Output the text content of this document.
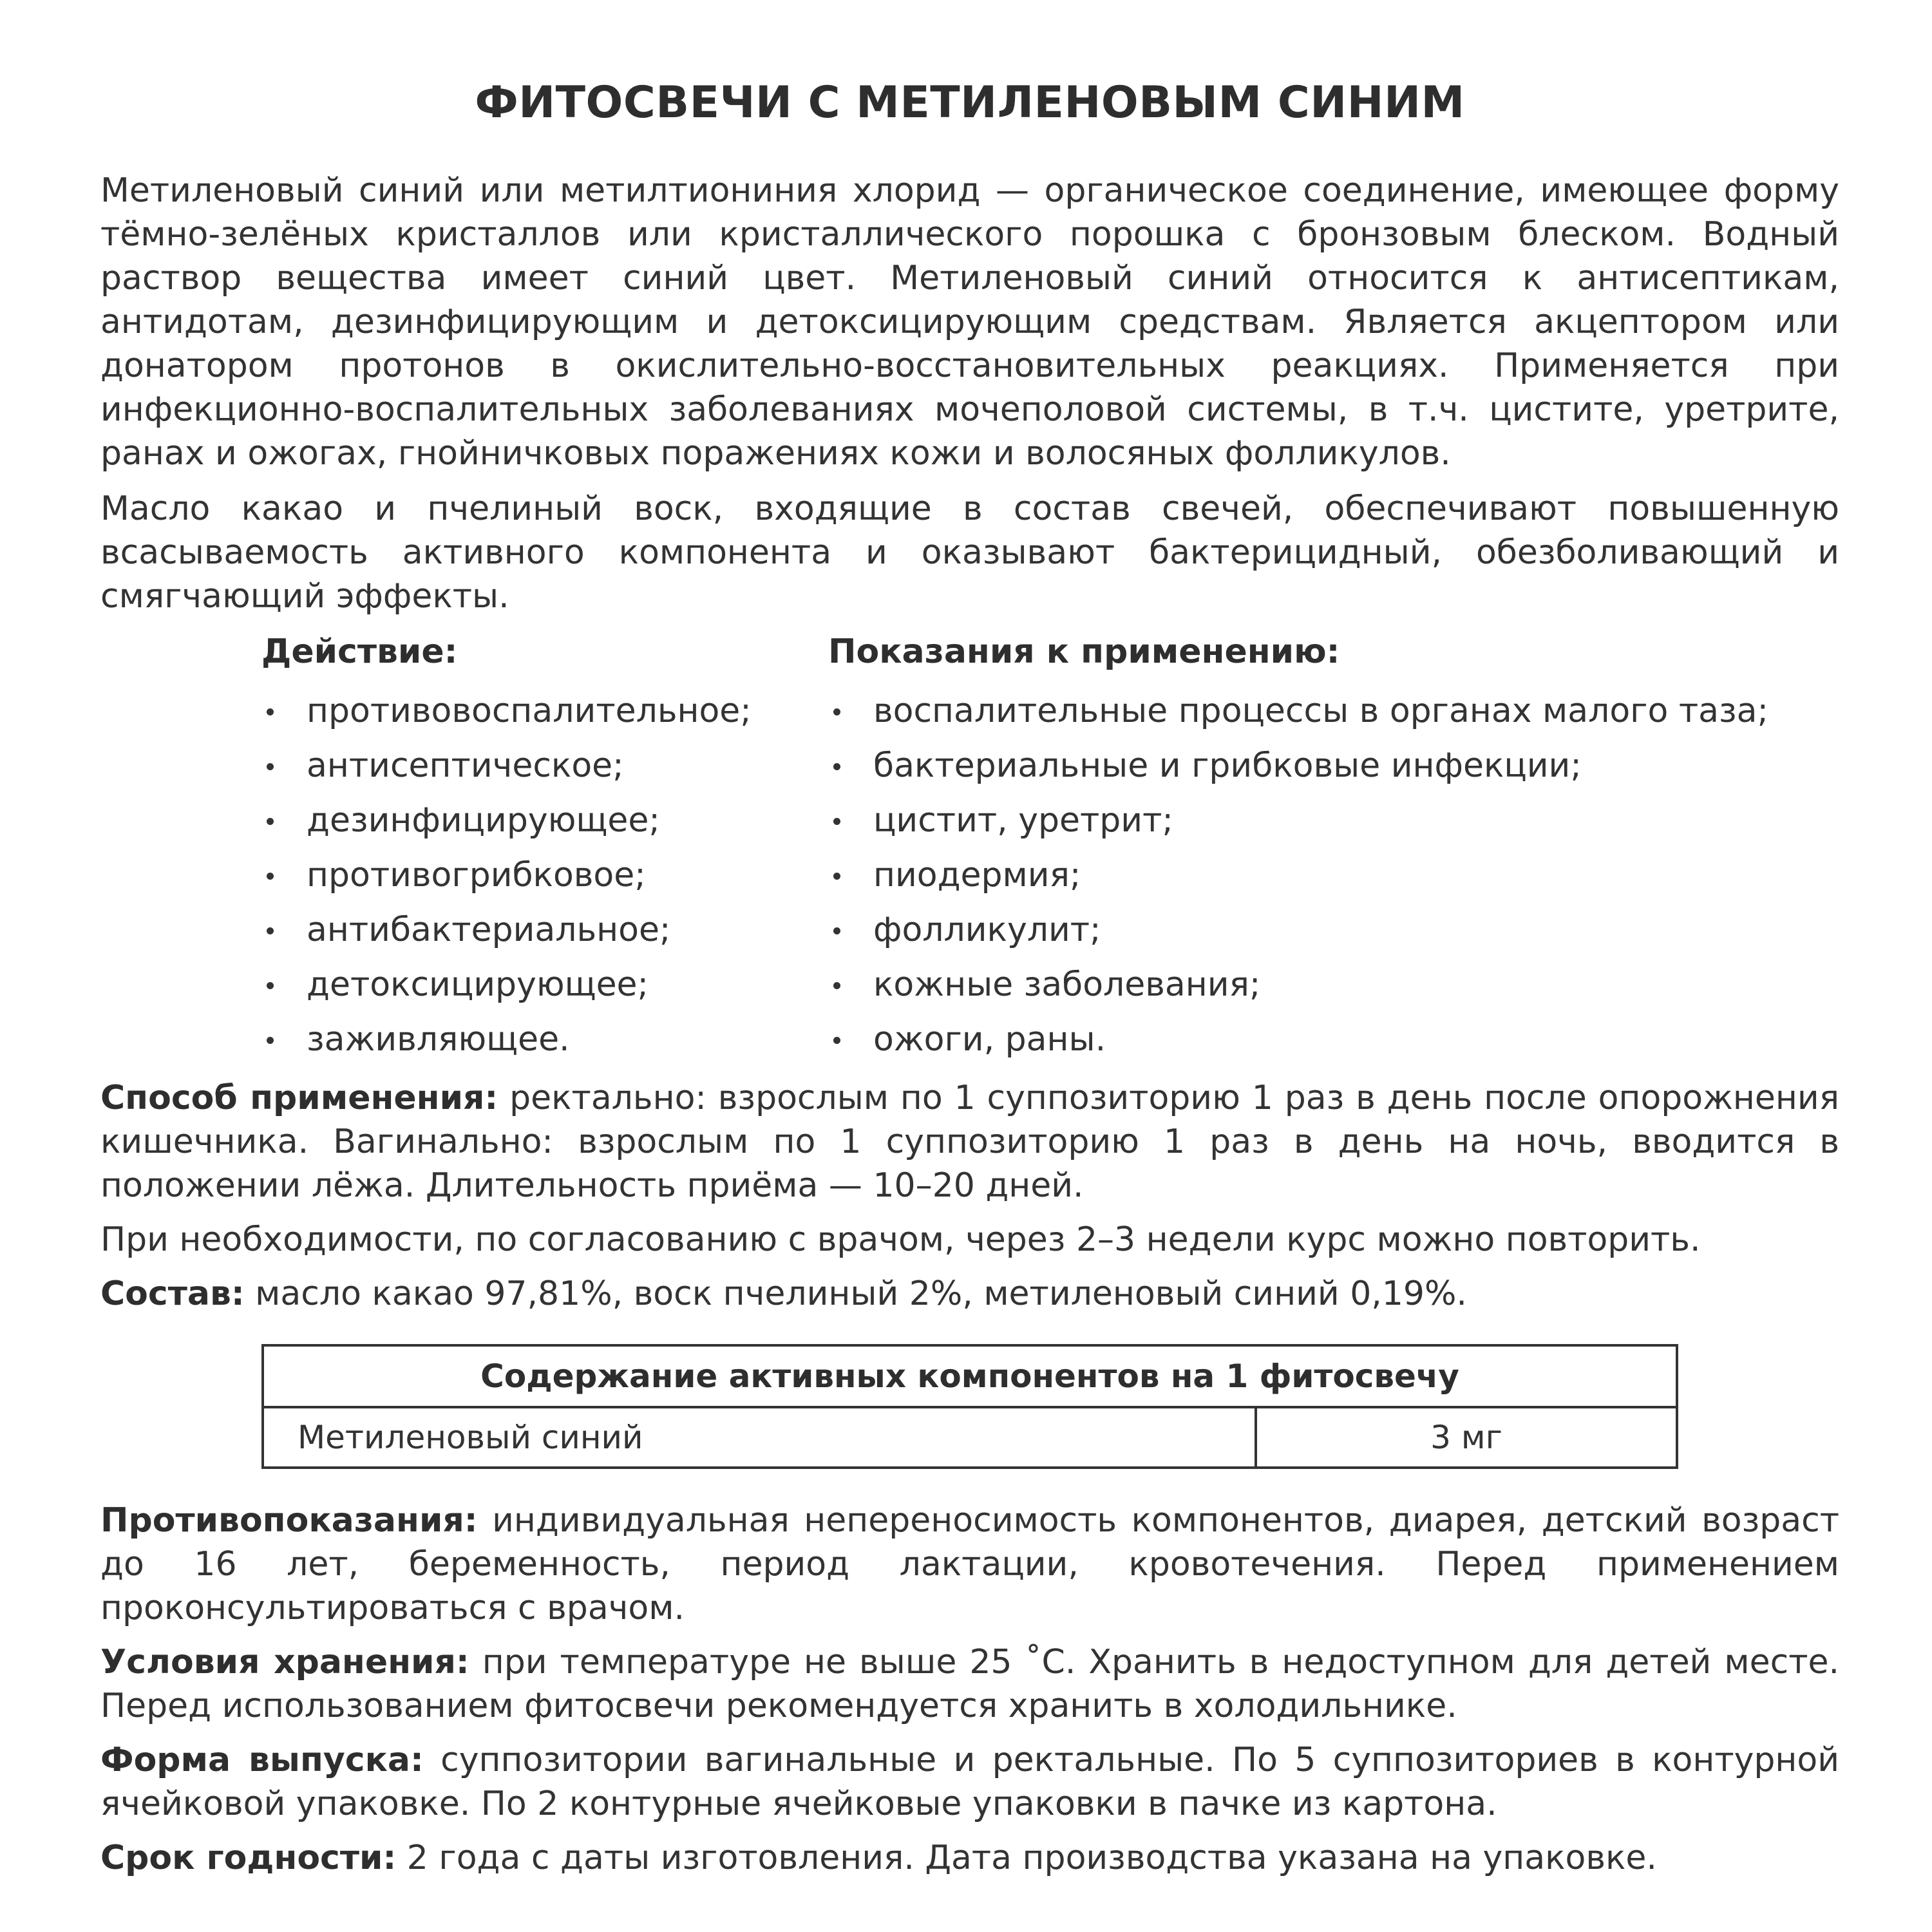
ФИТОСВЕЧИ С МЕТИЛЕНОВЫМ СИНИМ

Метиленовый синий или метилтиониния хлорид — органическое соединение, имеющее форму тёмно-зелёных кристаллов или кристаллического порошка с бронзовым блеском. Водный раствор вещества имеет синий цвет. Метиленовый синий относится к антисептикам, антидотам, дезинфицирующим и детоксицирующим средствам. Является акцептором или донатором протонов в окислительно-восстановительных реакциях. Применяется при инфекционно-воспалительных заболеваниях мочеполовой системы, в т.ч. цистите, уретрите, ранах и ожогах, гнойничковых поражениях кожи и волосяных фолликулов.

Масло какао и пчелиный воск, входящие в состав свечей, обеспечивают повышенную всасываемость активного компонента и оказывают бактерицидный, обезболивающий и смягчающий эффекты.

Действие:
противовоспалительное;
антисептическое;
дезинфицирующее;
противогрибковое;
антибактериальное;
детоксицирующее;
заживляющее.
Показания к применению:
воспалительные процессы в органах малого таза;
бактериальные и грибковые инфекции;
цистит, уретрит;
пиодермия;
фолликулит;
кожные заболевания;
ожоги, раны.

Способ применения: ректально: взрослым по 1 суппозиторию 1 раз в день после опорожнения кишечника. Вагинально: взрослым по 1 суппозиторию 1 раз в день на ночь, вводится в положении лёжа. Длительность приёма — 10–20 дней.

При необходимости, по согласованию с врачом, через 2–3 недели курс можно повторить.

Состав: масло какао 97,81%, воск пчелиный 2%, метиленовый синий 0,19%.

Содержание активных компонентов на 1 фитосвечу
Метиленовый синий	3 мг

Противопоказания: индивидуальная непереносимость компонентов, диарея, детский возраст до 16 лет, беременность, период лактации, кровотечения. Перед применением проконсультироваться с врачом.

Условия хранения: при температуре не выше 25 ˚С. Хранить в недоступном для детей месте. Перед использованием фитосвечи рекомендуется хранить в холодильнике.

Форма выпуска: суппозитории вагинальные и ректальные. По 5 суппозиториев в контурной ячейковой упаковке. По 2 контурные ячейковые упаковки в пачке из картона.

Срок годности: 2 года с даты изготовления. Дата производства указана на упаковке.
